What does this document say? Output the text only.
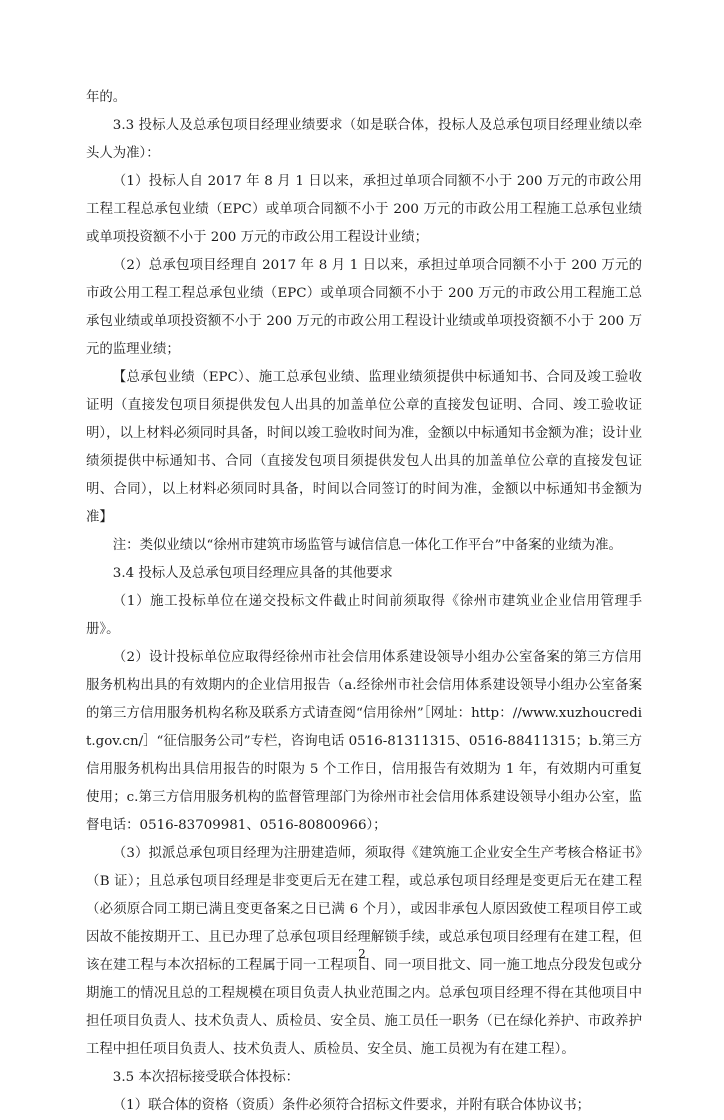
年的。

3.3 投标人及总承包项目经理业绩要求（如是联合体，投标人及总承包项目经理业绩以牵头人为准）：

（1）投标人自 2017 年 8 月 1 日以来，承担过单项合同额不小于 200 万元的市政公用工程工程总承包业绩（EPC）或单项合同额不小于 200 万元的市政公用工程施工总承包业绩或单项投资额不小于 200 万元的市政公用工程设计业绩；

（2）总承包项目经理自 2017 年 8 月 1 日以来，承担过单项合同额不小于 200 万元的市政公用工程工程总承包业绩（EPC）或单项合同额不小于 200 万元的市政公用工程施工总承包业绩或单项投资额不小于 200 万元的市政公用工程设计业绩或单项投资额不小于 200 万元的监理业绩；

【总承包业绩（EPC）、施工总承包业绩、监理业绩须提供中标通知书、合同及竣工验收证明（直接发包项目须提供发包人出具的加盖单位公章的直接发包证明、合同、竣工验收证明），以上材料必须同时具备，时间以竣工验收时间为准，金额以中标通知书金额为准；设计业绩须提供中标通知书、合同（直接发包项目须提供发包人出具的加盖单位公章的直接发包证明、合同），以上材料必须同时具备，时间以合同签订的时间为准，金额以中标通知书金额为准】

注：类似业绩以“徐州市建筑市场监管与诚信信息一体化工作平台”中备案的业绩为准。

3.4 投标人及总承包项目经理应具备的其他要求

（1）施工投标单位在递交投标文件截止时间前须取得《徐州市建筑业企业信用管理手册》。

（2）设计投标单位应取得经徐州市社会信用体系建设领导小组办公室备案的第三方信用服务机构出具的有效期内的企业信用报告（a.经徐州市社会信用体系建设领导小组办公室备案的第三方信用服务机构名称及联系方式请查阅“信用徐州”［网址：http：//www.xuzhoucredit.gov.cn/］“征信服务公司”专栏，咨询电话 0516-81311315、0516-88411315；b.第三方信用服务机构出具信用报告的时限为 5 个工作日，信用报告有效期为 1 年，有效期内可重复使用；c.第三方信用服务机构的监督管理部门为徐州市社会信用体系建设领导小组办公室，监督电话：0516-83709981、0516-80800966）；

（3）拟派总承包项目经理为注册建造师，须取得《建筑施工企业安全生产考核合格证书》（B 证）；且总承包项目经理是非变更后无在建工程，或总承包项目经理是变更后无在建工程（必须原合同工期已满且变更备案之日已满 6 个月），或因非承包人原因致使工程项目停工或因故不能按期开工、且已办理了总承包项目经理解锁手续，或总承包项目经理有在建工程，但该在建工程与本次招标的工程属于同一工程项目、同一项目批文、同一施工地点分段发包或分期施工的情况且总的工程规模在项目负责人执业范围之内。总承包项目经理不得在其他项目中担任项目负责人、技术负责人、质检员、安全员、施工员任一职务（已在绿化养护、市政养护工程中担任项目负责人、技术负责人、质检员、安全员、施工员视为有在建工程）。

3.5 本次招标接受联合体投标：

（1）联合体的资格（资质）条件必须符合招标文件要求，并附有联合体协议书；

2
